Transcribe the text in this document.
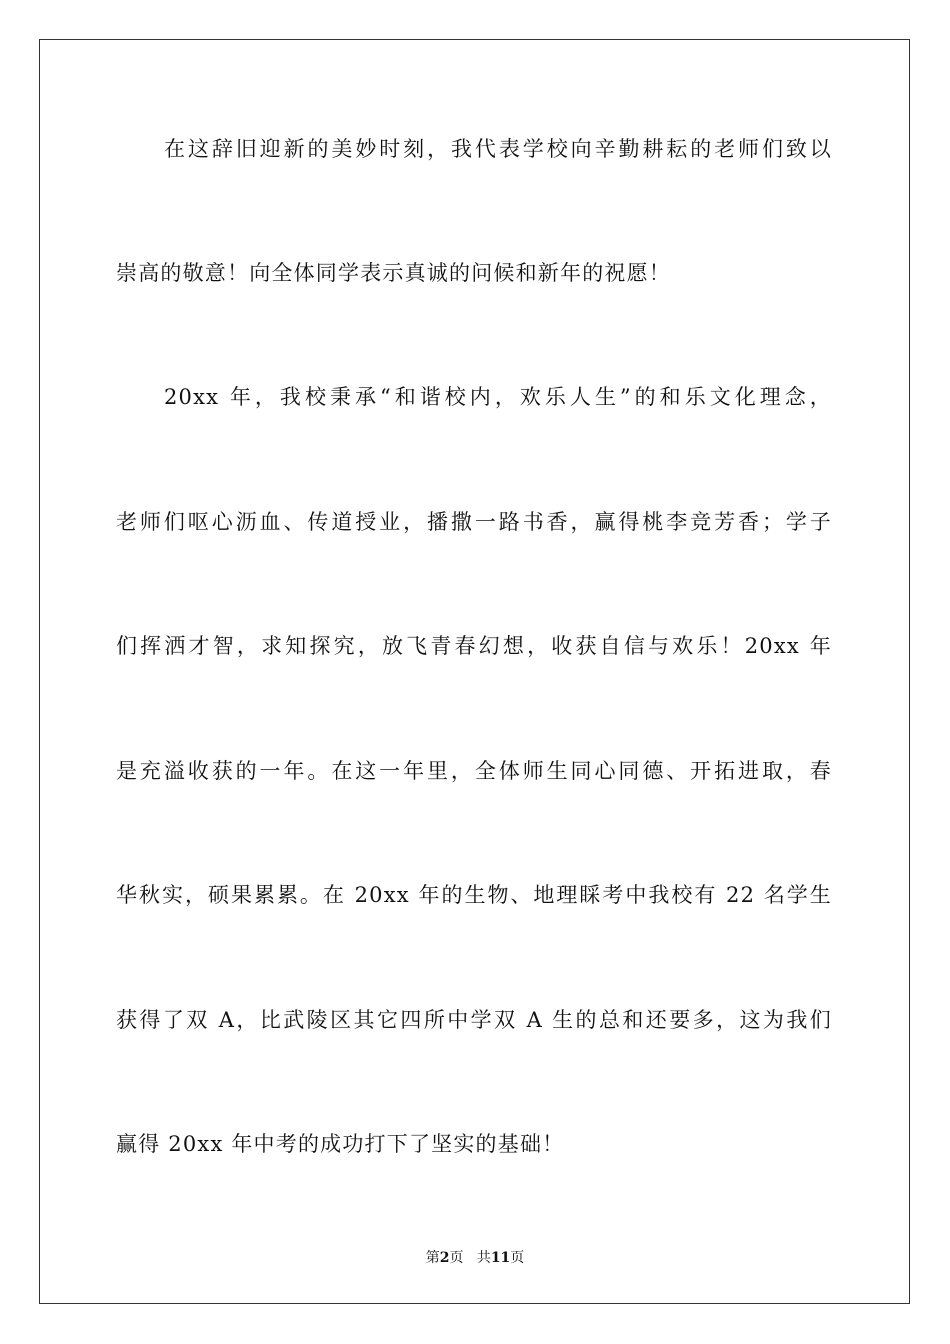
在这辞旧迎新的美妙时刻，我代表学校向辛勤耕耘的老师们致以
崇高的敬意！向全体同学表示真诚的问候和新年的祝愿！
20xx 年，我校秉承“和谐校内，欢乐人生”的和乐文化理念，
老师们呕心沥血、传道授业，播撒一路书香，赢得桃李竞芳香；学子
们挥洒才智，求知探究，放飞青春幻想，收获自信与欢乐！20xx 年
是充溢收获的一年。在这一年里，全体师生同心同德、开拓进取，春
华秋实，硕果累累。在 20xx 年的生物、地理睬考中我校有 22 名学生
获得了双 A，比武陵区其它四所中学双 A 生的总和还要多，这为我们
赢得 20xx 年中考的成功打下了坚实的基础！
第2页 共11页
